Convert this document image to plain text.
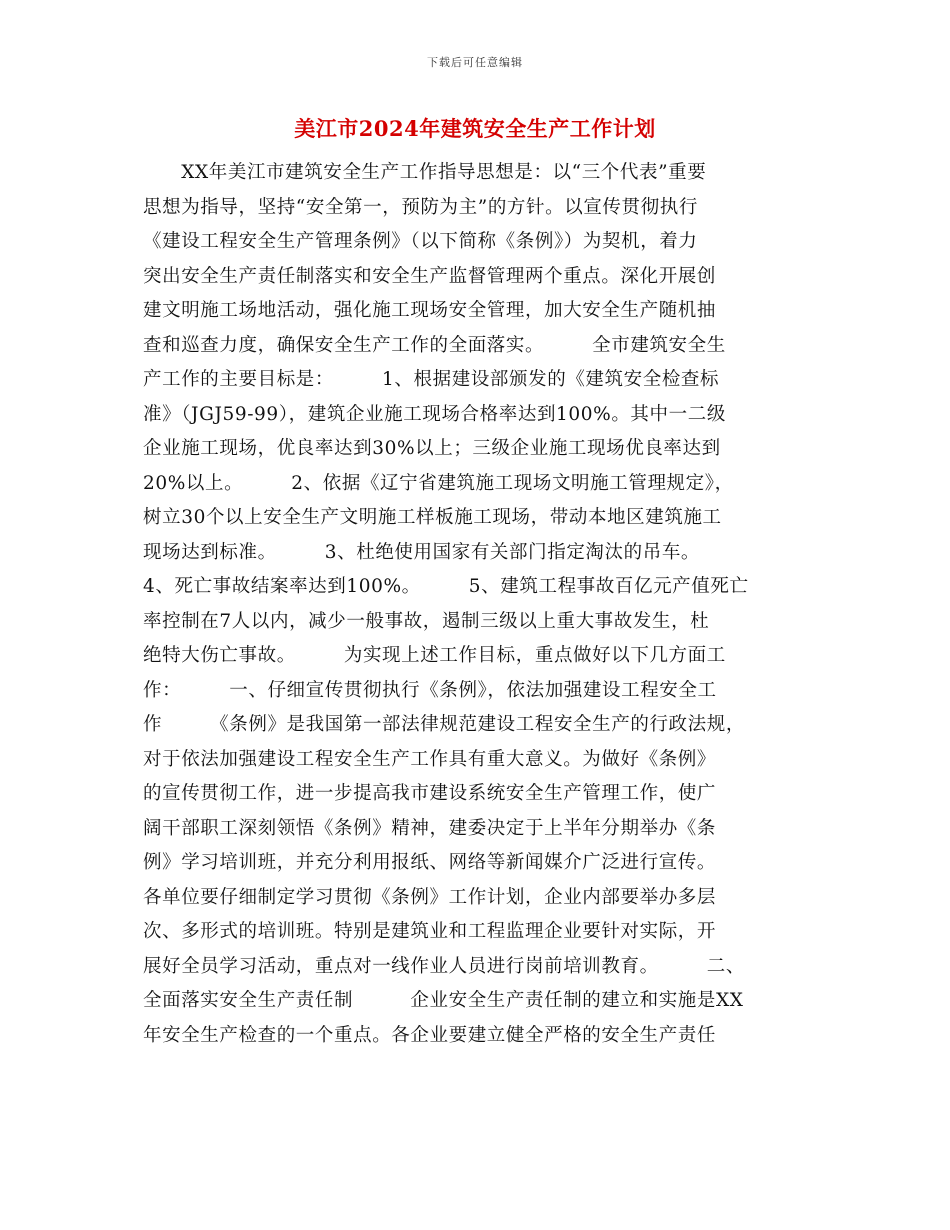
下载后可任意编辑
美江市2024年建筑安全生产工作计划
　　XX年美江市建筑安全生产工作指导思想是：以“三个代表”重要
思想为指导，坚持“安全第一，预防为主”的方针。以宣传贯彻执行
《建设工程安全生产管理条例》（以下简称《条例》）为契机，着力
突出安全生产责任制落实和安全生产监督管理两个重点。深化开展创
建文明施工场地活动，强化施工现场安全管理，加大安全生产随机抽
查和巡查力度，确保安全生产工作的全面落实。　　　全市建筑安全生
产工作的主要目标是：　　　1、根据建设部颁发的《建筑安全检查标
准》（JGJ59-99），建筑企业施工现场合格率达到100%。其中一二级
企业施工现场，优良率达到30%以上；三级企业施工现场优良率达到
20%以上。　　　2、依据《辽宁省建筑施工现场文明施工管理规定》，
树立30个以上安全生产文明施工样板施工现场，带动本地区建筑施工
现场达到标准。　　　3、杜绝使用国家有关部门指定淘汰的吊车。
4、死亡事故结案率达到100%。　　　5、建筑工程事故百亿元产值死亡
率控制在7人以内，减少一般事故，遏制三级以上重大事故发生，杜
绝特大伤亡事故。　　　为实现上述工作目标，重点做好以下几方面工
作：　　　一、仔细宣传贯彻执行《条例》，依法加强建设工程安全工
作　　　《条例》是我国第一部法律规范建设工程安全生产的行政法规，
对于依法加强建设工程安全生产工作具有重大意义。为做好《条例》
的宣传贯彻工作，进一步提高我市建设系统安全生产管理工作，使广
阔干部职工深刻领悟《条例》精神，建委决定于上半年分期举办《条
例》学习培训班，并充分利用报纸、网络等新闻媒介广泛进行宣传。
各单位要仔细制定学习贯彻《条例》工作计划，企业内部要举办多层
次、多形式的培训班。特别是建筑业和工程监理企业要针对实际，开
展好全员学习活动，重点对一线作业人员进行岗前培训教育。　　　二、
全面落实安全生产责任制　　　企业安全生产责任制的建立和实施是XX
年安全生产检查的一个重点。各企业要建立健全严格的安全生产责任
